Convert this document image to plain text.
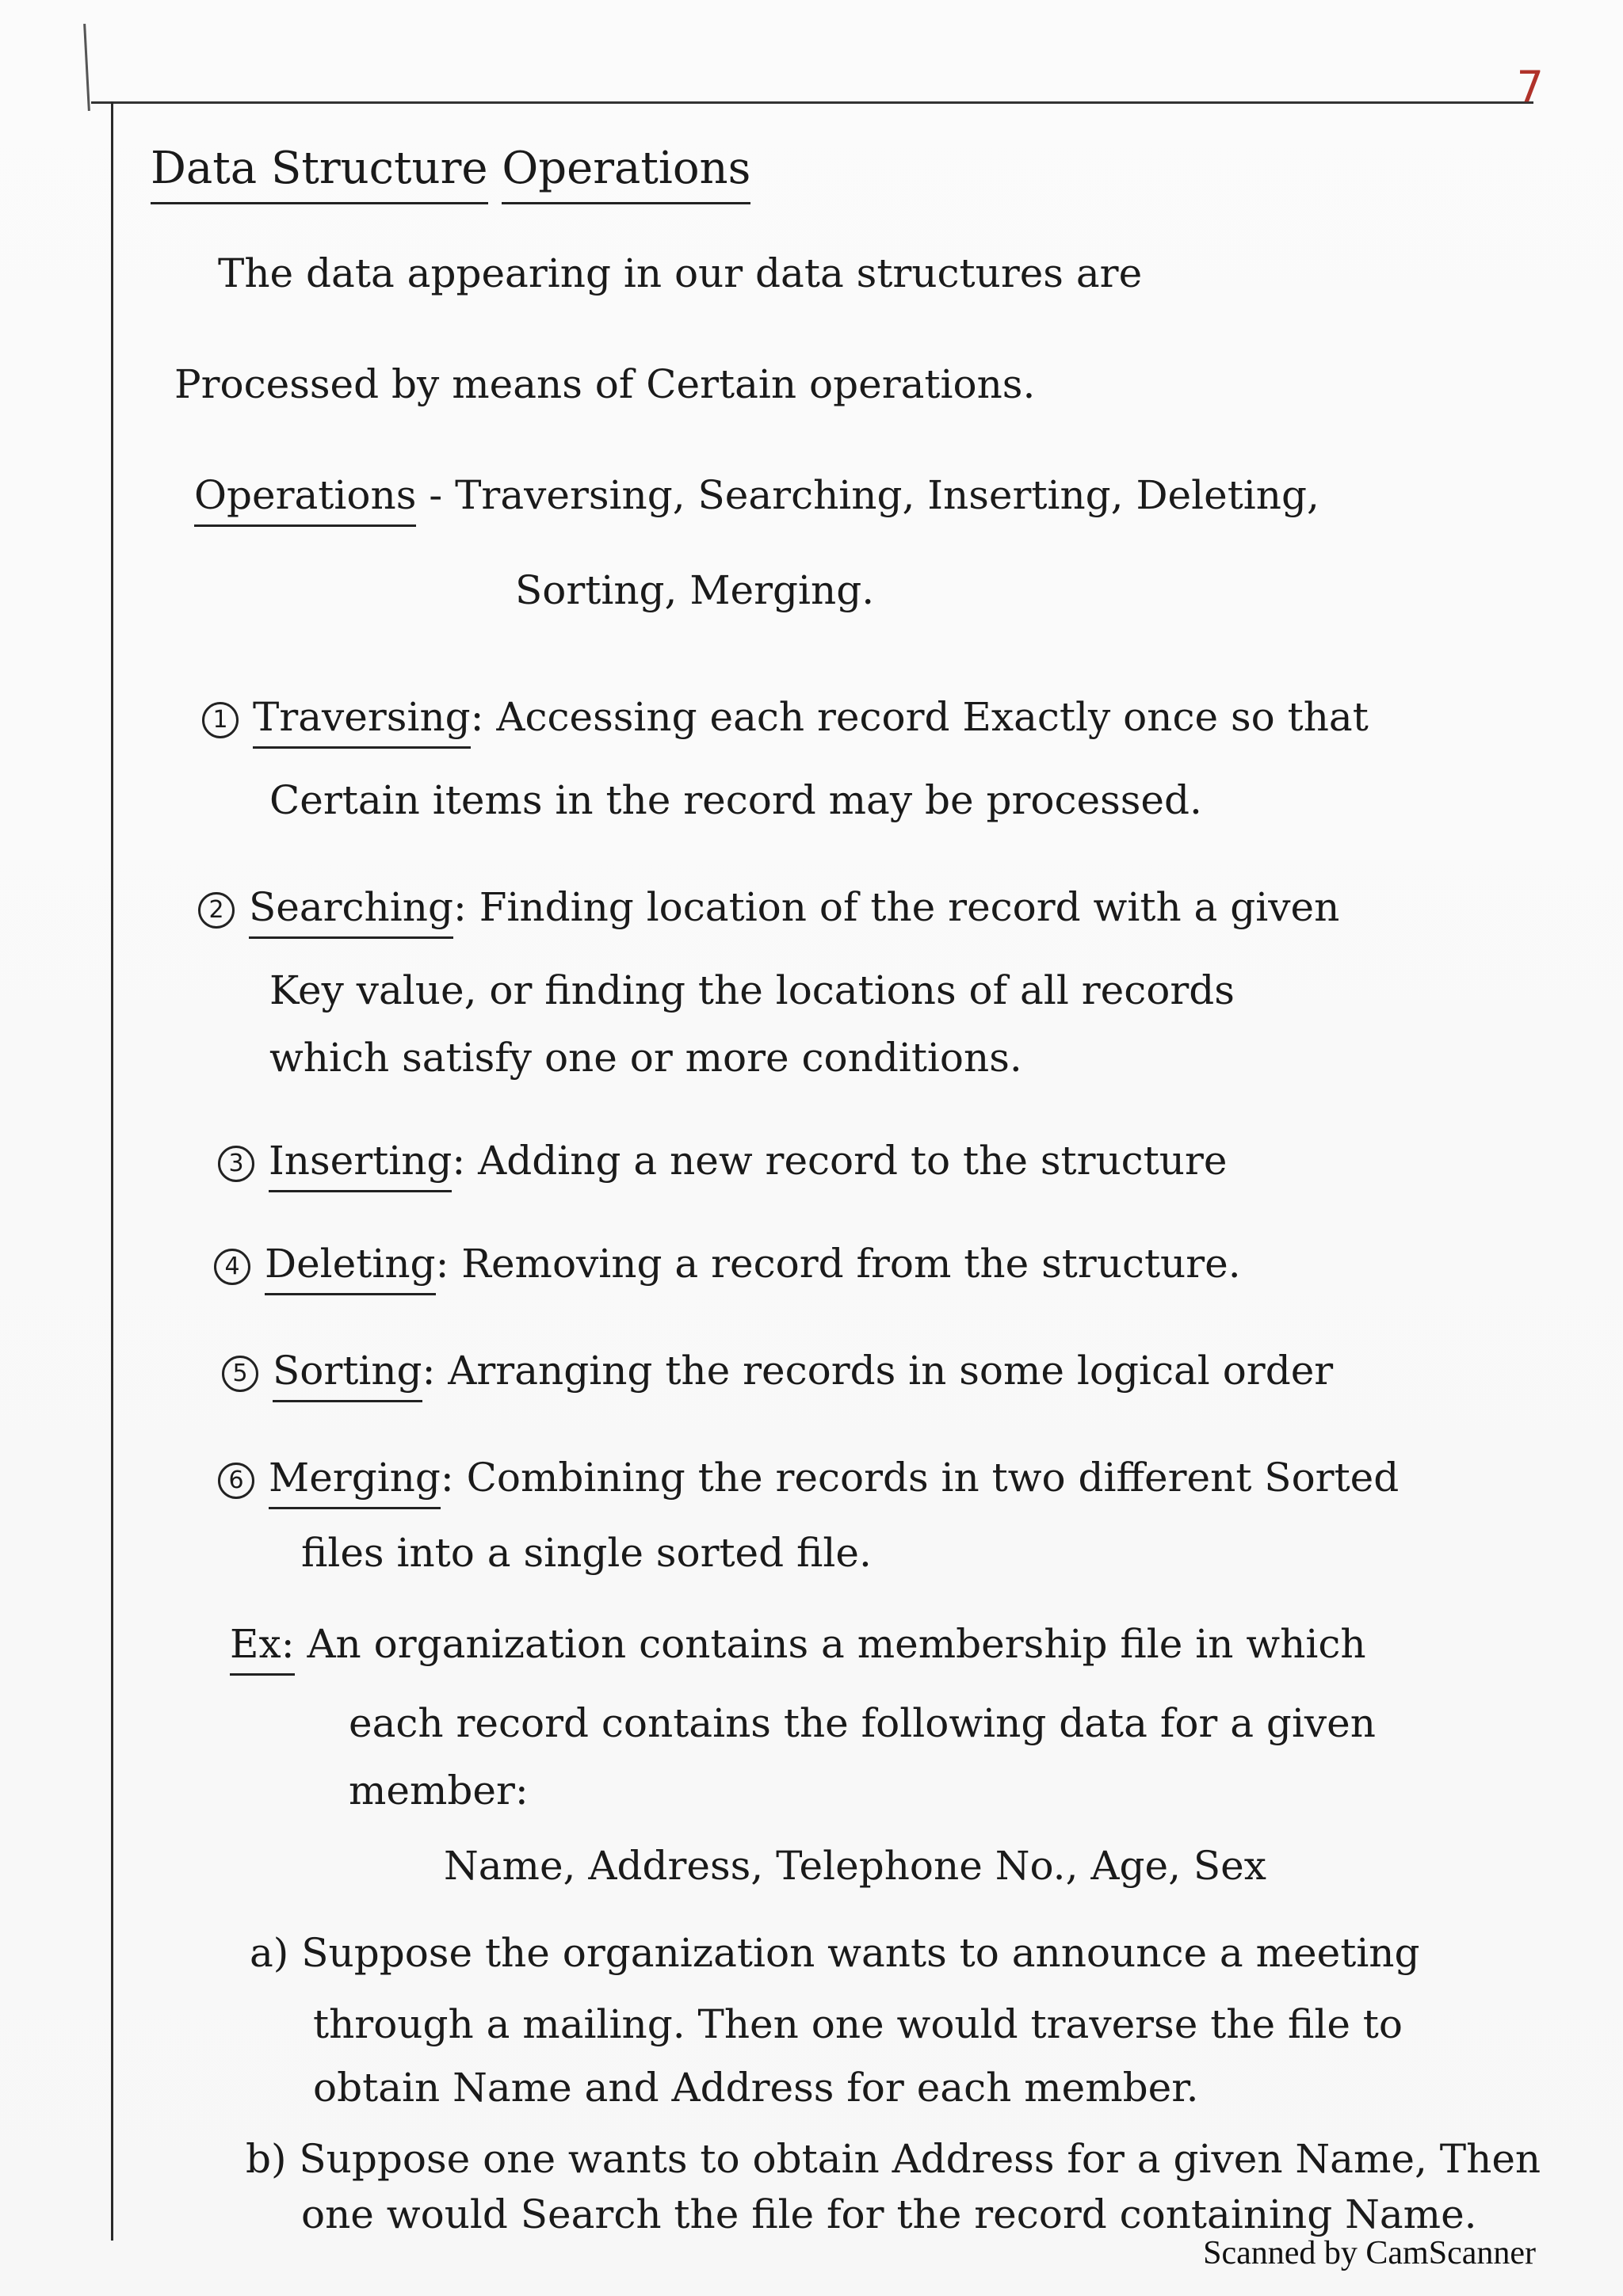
7
Data Structure Operations
The data appearing in our data structures are
Processed by means of Certain operations.
Operations - Traversing, Searching, Inserting, Deleting,
Sorting, Merging.
1 Traversing: Accessing each record Exactly once so that
Certain items in the record may be processed.
2 Searching: Finding location of the record with a given
Key value, or finding the locations of all records
which satisfy one or more conditions.
3 Inserting: Adding a new record to the structure
4 Deleting: Removing a record from the structure.
5 Sorting: Arranging the records in some logical order
6 Merging: Combining the records in two different Sorted
files into a single sorted file.
Ex: An organization contains a membership file in which
each record contains the following data for a given
member:
Name, Address, Telephone No., Age, Sex
a) Suppose the organization wants to announce a meeting
through a mailing. Then one would traverse the file to
obtain Name and Address for each member.
b) Suppose one wants to obtain Address for a given Name, Then
one would Search the file for the record containing Name.
Scanned by CamScanner
